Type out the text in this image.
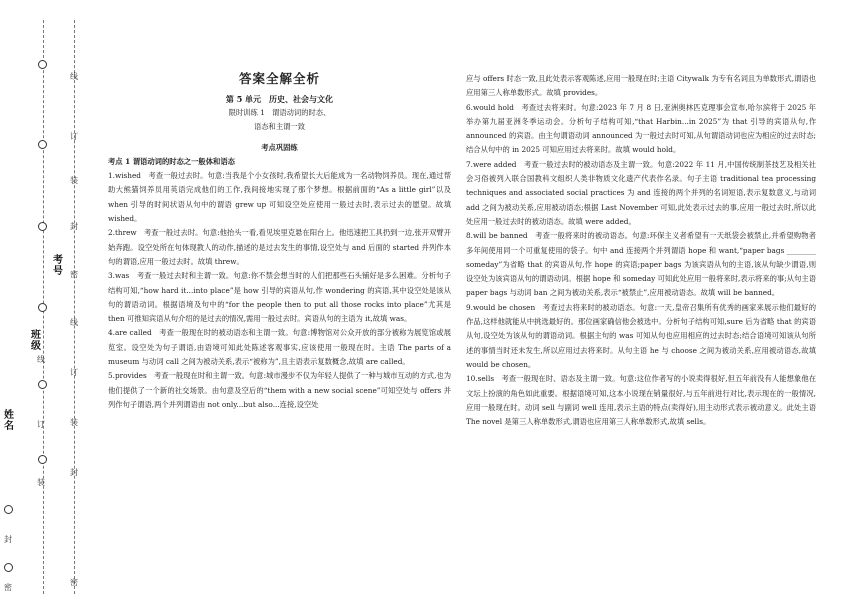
密
封
姓名
班级
考号
装
订
线
线
订
装
封
密
线
订
装
封
密
答案全解全析
第 5 单元　历史、社会与文化

限时训练 1　谓语动词的时态、

语态和主谓一致

考点巩固练

考点 1 谓语动词的时态之一般体和语态

1.wished　考查一般过去时。句意:当我是个小女孩时,我希望长大后能成为一名动物饲养员。现在,通过帮助大熊猫饲养员用英语完成他们的工作,我间接地实现了那个梦想。根据前面的“As a little girl”以及 when 引导的时间状语从句中的谓语 grew up 可知设空处应使用一般过去时,表示过去的愿望。故填 wished。

2.threw　考查一般过去时。句意:他抬头一看,看见埃里克悬在阳台上。他迅速把工具扔到一边,张开双臂开始奔跑。设空处所在句体现教人的动作,描述的是过去发生的事情,设空处与 and 后面的 started 并列作本句的谓语,应用一般过去时。故填 threw。

3.was　考查一般过去时和主谓一致。句意:你不禁会想当时的人们把那些石头铺好是多么困难。分析句子结构可知,“how hard it...into place”是 how 引导的宾语从句,作 wondering 的宾语,其中设空处是该从句的谓语动词。根据语境及句中的“for the people then to put all those rocks into place”尤其是 then 可推知宾语从句介绍的是过去的情况,需用一般过去时。宾语从句的主语为 it,故填 was。

4.are called　考查一般现在时的被动语态和主谓一致。句意:博物馆对公众开放的部分被称为展览馆或展览室。设空处为句子谓语,由语境可知此处陈述客观事实,应该使用一般现在时。主语 The parts of a museum 与动词 call 之间为被动关系,表示“被称为”,且主语表示复数概念,故填 are called。

5.provides　考查一般现在时和主谓一致。句意:城市漫步不仅为年轻人提供了一种与城市互动的方式,也为他们提供了一个新的社交场景。由句意及空后的“them with a new social scene”可知空处与 offers 并列作句子谓语,两个并列谓语由 not only...but also...连接,设空处

应与 offers 时态一致,且此处表示客观陈述,应用一般现在时;主语 Citywalk 为专有名词且为单数形式,谓语也应用第三人称单数形式。故填 provides。

6.would hold　考查过去将来时。句意:2023 年 7 月 8 日,亚洲奥林匹克理事会宣布,哈尔滨将于 2025 年举办第九届亚洲冬季运动会。分析句子结构可知,“that Harbin...in 2025”为 that 引导的宾语从句,作 announced 的宾语。由主句谓语动词 announced 为一般过去时可知,从句谓语动词也应为相应的过去时态;结合从句中的 in 2025 可知应用过去将来时。故填 would hold。

7.were added　考查一般过去时的被动语态及主谓一致。句意:2022 年 11 月,中国传统制茶技艺及相关社会习俗被列入联合国教科文组织人类非物质文化遗产代表作名录。句子主语 traditional tea processing techniques and associated social practices 为 and 连接的两个并列的名词短语,表示复数意义,与动词 add 之间为被动关系,应用被动语态;根据 Last November 可知,此处表示过去的事,应用一般过去时,所以此处应用一般过去时的被动语态。故填 were added。

8.will be banned　考查一般将来时的被动语态。句意:环保主义者希望有一天纸袋会被禁止,并希望购物者多年间使用同一个可重复使用的袋子。句中 and 连接两个并列谓语 hope 和 want,“paper bags ________ someday”为省略 that 的宾语从句,作 hope 的宾语;paper bags 为该宾语从句的主语,该从句缺少谓语,则设空处为该宾语从句的谓语动词。根据 hope 和 someday 可知此处应用一般将来时,表示将来的事;从句主语 paper bags 与动词 ban 之间为被动关系,表示“被禁止”,应用被动语态。故填 will be banned。

9.would be chosen　考查过去将来时的被动语态。句意:一天,皇帝召集所有优秀的画家来展示他们最好的作品,这样他就能从中挑选最好的。那位画家确信他会被选中。分析句子结构可知,sure 后为省略 that 的宾语从句,设空处为该从句的谓语动词。根据主句的 was 可知从句也应用相应的过去时态;结合语境可知该从句所述的事情当时还未发生,所以应用过去将来时。从句主语 he 与 choose 之间为被动关系,应用被动语态,故填 would be chosen。

10.sells　考查一般现在时、语态及主谓一致。句意:这位作者写的小说卖得很好,但五年前没有人能想象他在文坛上扮演的角色如此重要。根据语境可知,这本小说现在销量很好,与五年前进行对比,表示现在的一般情况,应用一般现在时。动词 sell 与副词 well 连用,表示主语的特点(卖得好),用主动形式表示被动意义。此处主语 The novel 是第三人称单数形式,谓语也应用第三人称单数形式,故填 sells。
